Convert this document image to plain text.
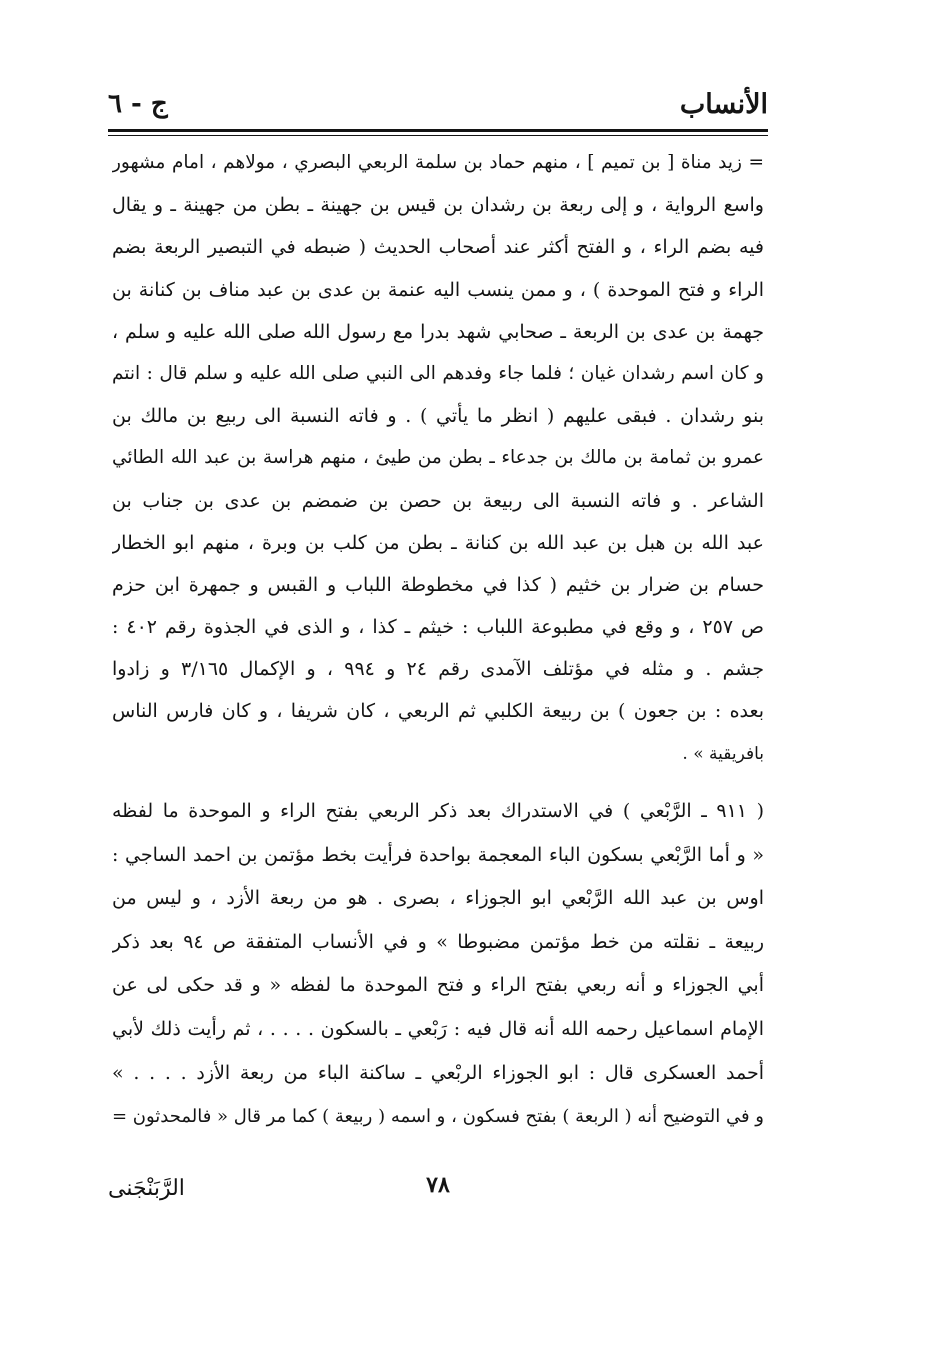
الأنساب
ج - ٦
= زيد مناة [ بن تميم ] ، منهم حماد بن سلمة الربعي البصري ، مولاهم ، امام مشهور
واسع الرواية ، و إلى ربعة بن رشدان بن قيس بن جهينة ـ بطن من جهينة ـ و يقال
فيه بضم الراء ، و الفتح أكثر عند أصحاب الحديث ( ضبطه في التبصير الربعة بضم
الراء و فتح الموحدة ) ، و ممن ينسب اليه عنمة بن عدى بن عبد مناف بن كنانة بن
جهمة بن عدى بن الربعة ـ صحابي شهد بدرا مع رسول الله صلى الله عليه و سلم ،
و كان اسم رشدان غيان ؛ فلما جاء وفدهم الى النبي صلى الله عليه و سلم قال : انتم
بنو رشدان . فبقى عليهم ( انظر ما يأتي ) . و فاته النسبة الى ربيع بن مالك بن
عمرو بن ثمامة بن مالك بن جدعاء ـ بطن من طيئ ، منهم هراسة بن عبد الله الطائي
الشاعر . و فاته النسبة الى ربيعة بن حصن بن ضمضم بن عدى بن جناب بن
عبد الله بن هبل بن عبد الله بن كنانة ـ بطن من كلب بن وبرة ، منهم ابو الخطار
حسام بن ضرار بن خثيم ( كذا في مخطوطة اللباب و القبس و جمهرة ابن حزم
ص ٢٥٧ ، و وقع في مطبوعة اللباب : خيثم ـ كذا ، و الذى في الجذوة رقم ٤٠٢ :
جشم . و مثله في مؤتلف الآمدى رقم ٢٤ و ٩٩٤ ، و الإكمال ٣/١٦٥ و زادوا
بعده : بن جعون ) بن ربيعة الكلبي ثم الربعي ، كان شريفا ، و كان فارس الناس
بافريقية » .
( ٩١١ ـ الرَّبْعي ) في الاستدراك بعد ذكر الربعي بفتح الراء و الموحدة ما لفظه
« و أما الرَّبْعي بسكون الباء المعجمة بواحدة فرأيت بخط مؤتمن بن احمد الساجي :
اوس بن عبد الله الرَّبْعي ابو الجوزاء ، بصرى . هو من ربعة الأزد ، و ليس من
ربيعة ـ نقلته من خط مؤتمن مضبوطا » و في الأنساب المتفقة ص ٩٤ بعد ذكر
أبي الجوزاء و أنه ربعي بفتح الراء و فتح الموحدة ما لفظه « و قد حكى لى عن
الإمام اسماعيل رحمه الله أنه قال فيه : رَبْعي ـ بالسكون . . . . ، ثم رأيت ذلك لأبي
أحمد العسكرى قال : ابو الجوزاء الربْعي ـ ساكنة الباء من ربعة الأزد . . . . »
و في التوضيح أنه ( الربعة ) بفتح فسكون ، و اسمه ( ربيعة ) كما مر قال « فالمحدثون =
٧٨
الرَّبَنْجَنى
